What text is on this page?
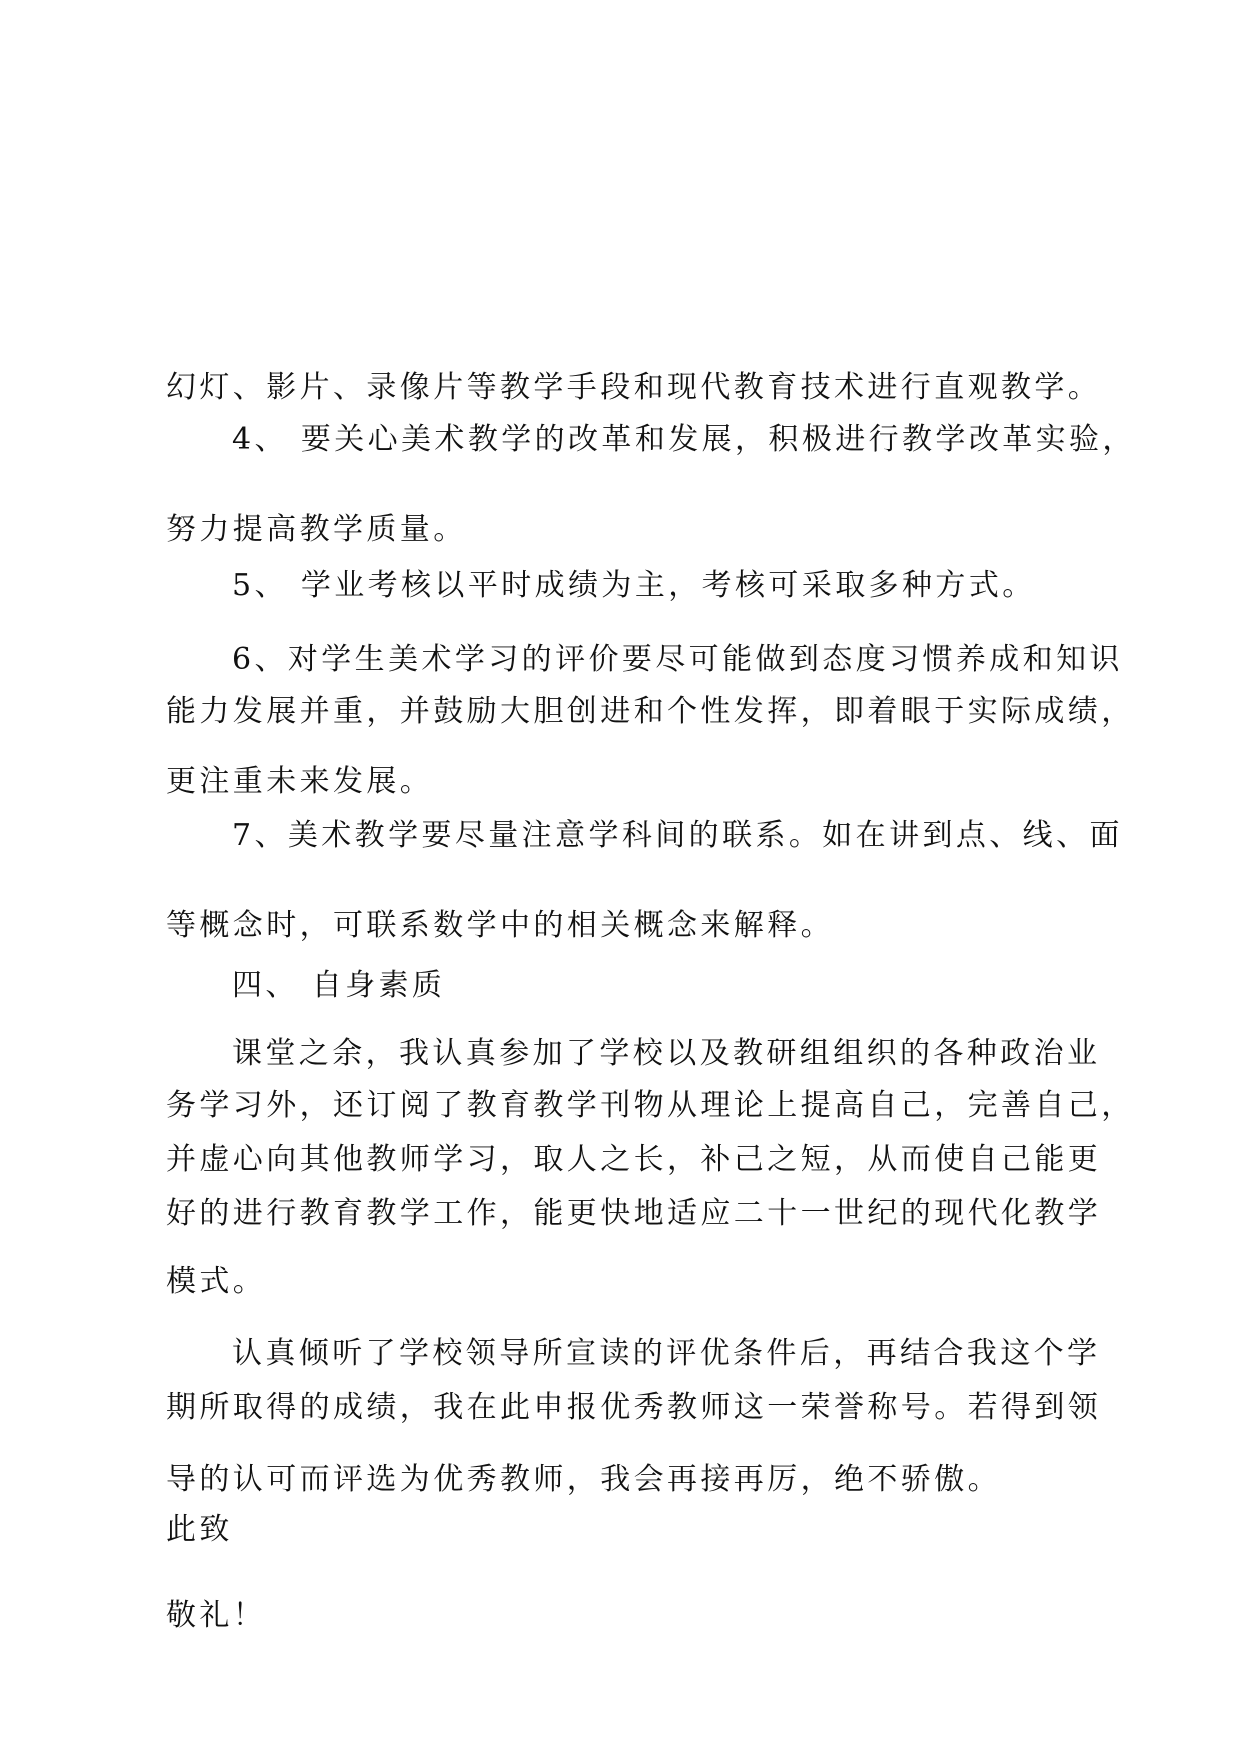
幻灯、影片、录像片等教学手段和现代教育技术进行直观教学。
4、 要关心美术教学的改革和发展，积极进行教学改革实验，
努力提高教学质量。
5、 学业考核以平时成绩为主，考核可采取多种方式。
6、对学生美术学习的评价要尽可能做到态度习惯养成和知识
能力发展并重，并鼓励大胆创进和个性发挥，即着眼于实际成绩，
更注重未来发展。
7、美术教学要尽量注意学科间的联系。如在讲到点、线、面
等概念时，可联系数学中的相关概念来解释。
四、 自身素质
课堂之余，我认真参加了学校以及教研组组织的各种政治业
务学习外，还订阅了教育教学刊物从理论上提高自己，完善自己，
并虚心向其他教师学习，取人之长，补己之短，从而使自己能更
好的进行教育教学工作，能更快地适应二十一世纪的现代化教学
模式。
认真倾听了学校领导所宣读的评优条件后，再结合我这个学
期所取得的成绩，我在此申报优秀教师这一荣誉称号。若得到领
导的认可而评选为优秀教师，我会再接再厉，绝不骄傲。
此致
敬礼！
